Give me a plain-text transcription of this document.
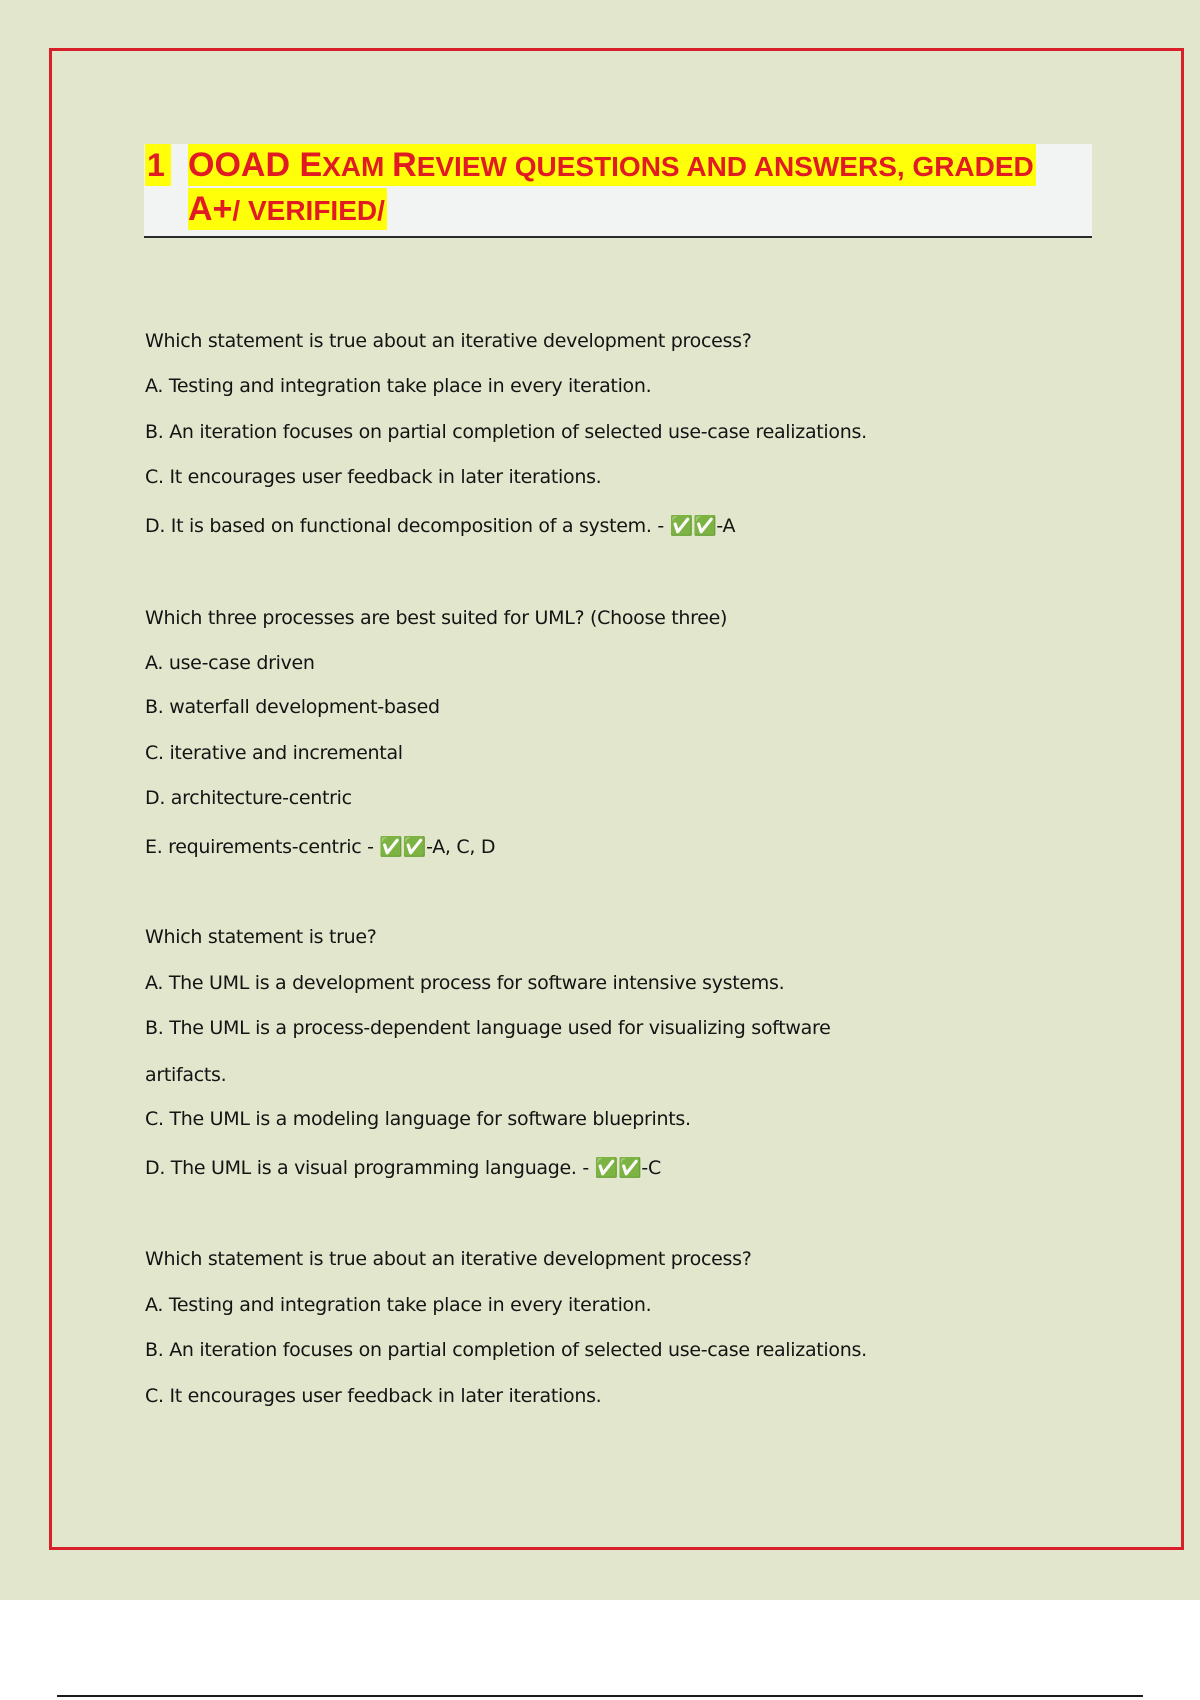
1 OOAD EXAM REVIEW QUESTIONS AND ANSWERS, GRADED
A+/ VERIFIED/
Which statement is true about an iterative development process?
A. Testing and integration take place in every iteration.
B. An iteration focuses on partial completion of selected use-case realizations.
C. It encourages user feedback in later iterations.
D. It is based on functional decomposition of a system. - ✅✅-A
Which three processes are best suited for UML? (Choose three)
A. use-case driven
B. waterfall development-based
C. iterative and incremental
D. architecture-centric
E. requirements-centric - ✅✅-A, C, D
Which statement is true?
A. The UML is a development process for software intensive systems.
B. The UML is a process-dependent language used for visualizing software
artifacts.
C. The UML is a modeling language for software blueprints.
D. The UML is a visual programming language. - ✅✅-C
Which statement is true about an iterative development process?
A. Testing and integration take place in every iteration.
B. An iteration focuses on partial completion of selected use-case realizations.
C. It encourages user feedback in later iterations.
